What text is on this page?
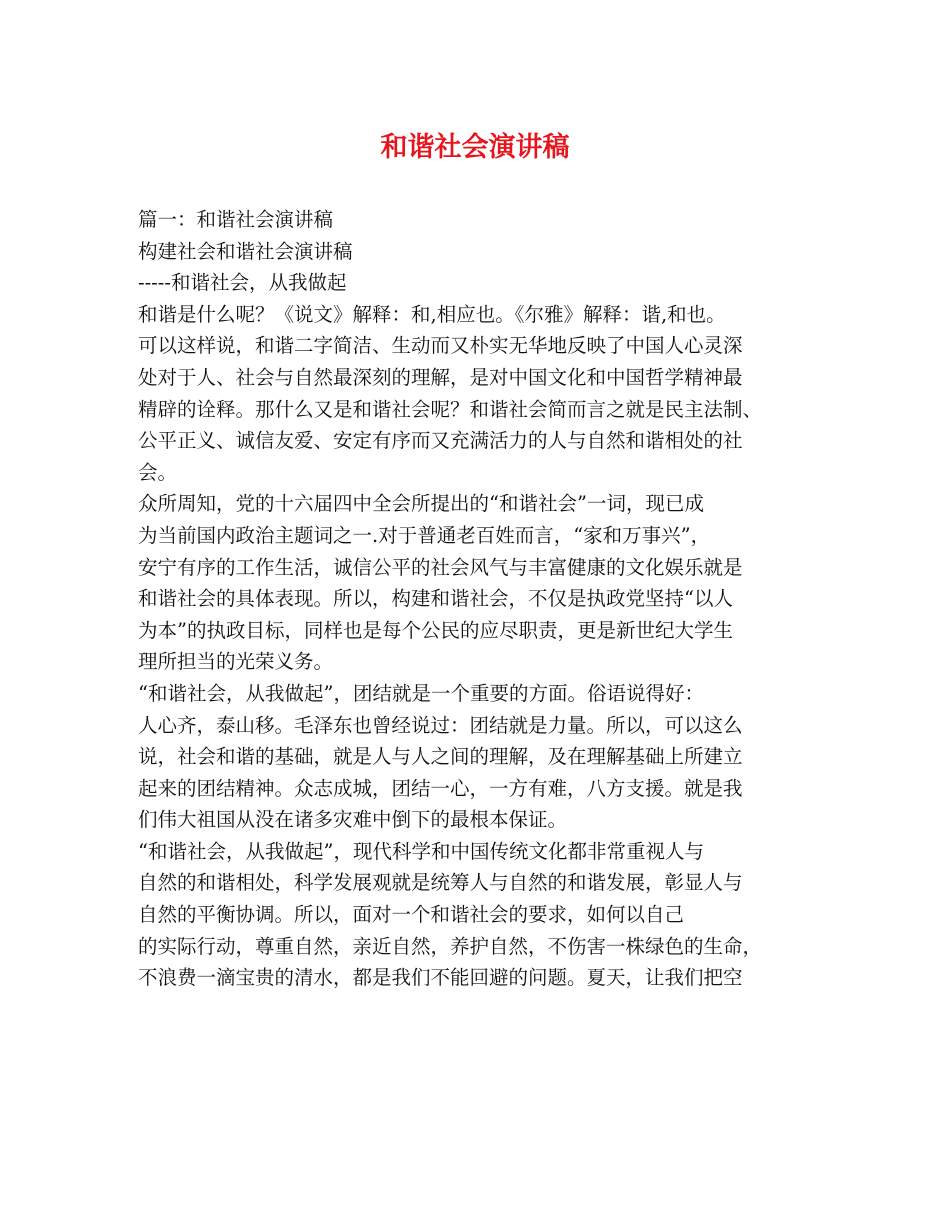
和谐社会演讲稿
篇一：和谐社会演讲稿
构建社会和谐社会演讲稿
-----和谐社会，从我做起
和谐是什么呢？《说文》解释：和,相应也。《尔雅》解释：谐,和也。
可以这样说，和谐二字简洁、生动而又朴实无华地反映了中国人心灵深
处对于人、社会与自然最深刻的理解，是对中国文化和中国哲学精神最
精辟的诠释。那什么又是和谐社会呢？和谐社会简而言之就是民主法制、
公平正义、诚信友爱、安定有序而又充满活力的人与自然和谐相处的社
会。
众所周知，党的十六届四中全会所提出的“和谐社会”一词，现已成
为当前国内政治主题词之一.对于普通老百姓而言，“家和万事兴”，
安宁有序的工作生活，诚信公平的社会风气与丰富健康的文化娱乐就是
和谐社会的具体表现。所以，构建和谐社会，不仅是执政党坚持“以人
为本”的执政目标，同样也是每个公民的应尽职责，更是新世纪大学生
理所担当的光荣义务。
“和谐社会，从我做起”，团结就是一个重要的方面。俗语说得好：
人心齐，泰山移。毛泽东也曾经说过：团结就是力量。所以，可以这么
说，社会和谐的基础，就是人与人之间的理解，及在理解基础上所建立
起来的团结精神。众志成城，团结一心，一方有难，八方支援。就是我
们伟大祖国从没在诸多灾难中倒下的最根本保证。
“和谐社会，从我做起”，现代科学和中国传统文化都非常重视人与
自然的和谐相处，科学发展观就是统筹人与自然的和谐发展，彰显人与
自然的平衡协调。所以，面对一个和谐社会的要求，如何以自己
的实际行动，尊重自然，亲近自然，养护自然，不伤害一株绿色的生命，
不浪费一滴宝贵的清水，都是我们不能回避的问题。夏天，让我们把空
